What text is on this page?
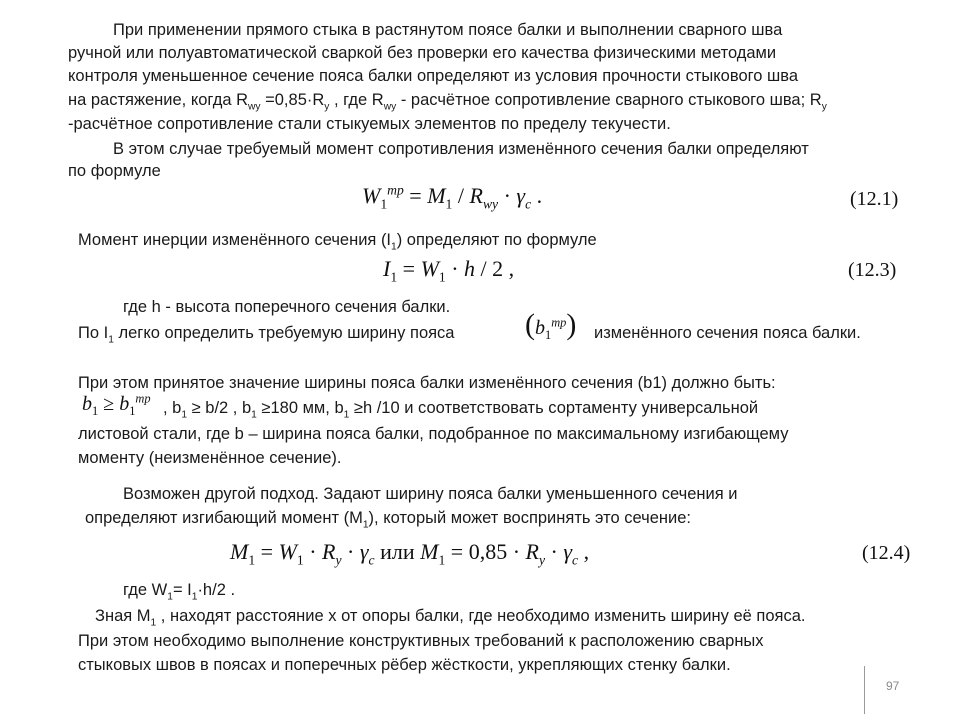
При применении прямого стыка в растянутом поясе балки и выполнении сварного шва
ручной или полуавтоматической сваркой без проверки его качества физическими методами
контроля уменьшенное сечение пояса балки определяют из условия прочности стыкового шва
на растяжение, когда $R_{wy} =0,85\cdot R_y$ , где $R_{wy}$ - расчётное сопротивление сварного стыкового шва; $R_y$
-расчётное сопротивление стали стыкуемых элементов по пределу текучести.
В этом случае требуемый момент сопротивления изменённого сечения балки определяют
по формуле
$W_1^{тр} = M_1 / R_{wy} \cdot \gamma_c$ .	(12.1)
Момент инерции изменённого сечения $(I_1)$ определяют по формуле
$I_1 = W_1 \cdot h / 2$ ,	(12.3)
где h - высота поперечного сечения балки.
По $I_1$ легко определить требуемую ширину пояса $(b_1^{тр})$ изменённого сечения пояса балки.
При этом принятое значение ширины пояса балки изменённого сечения (b1) должно быть:
$b_1 \ge b_1^{тр}$
, $b_1 \ge b/2$ , $b_1 \ge 180$ мм, $b_1 \ge h$ /10 и соответствовать сортаменту универсальной
листовой стали, где b – ширина пояса балки, подобранное по максимальному изгибающему
моменту (неизменённое сечение).
Возможен другой подход. Задают ширину пояса балки уменьшенного сечения и
определяют изгибающий момент $(М_1)$, который может воспринять это сечение:
$M_1 = W_1 \cdot R_y \cdot \gamma_c$ или $M_1 = 0,85 \cdot R_y \cdot \gamma_c$ ,	(12.4)
где $W_1= I_1\cdot h/2$ .
Зная $М_1$ , находят расстояние х от опоры балки, где необходимо изменить ширину её пояса.
При этом необходимо выполнение конструктивных требований к расположению сварных
стыковых швов в поясах и поперечных рёбер жёсткости, укрепляющих стенку балки.
97
